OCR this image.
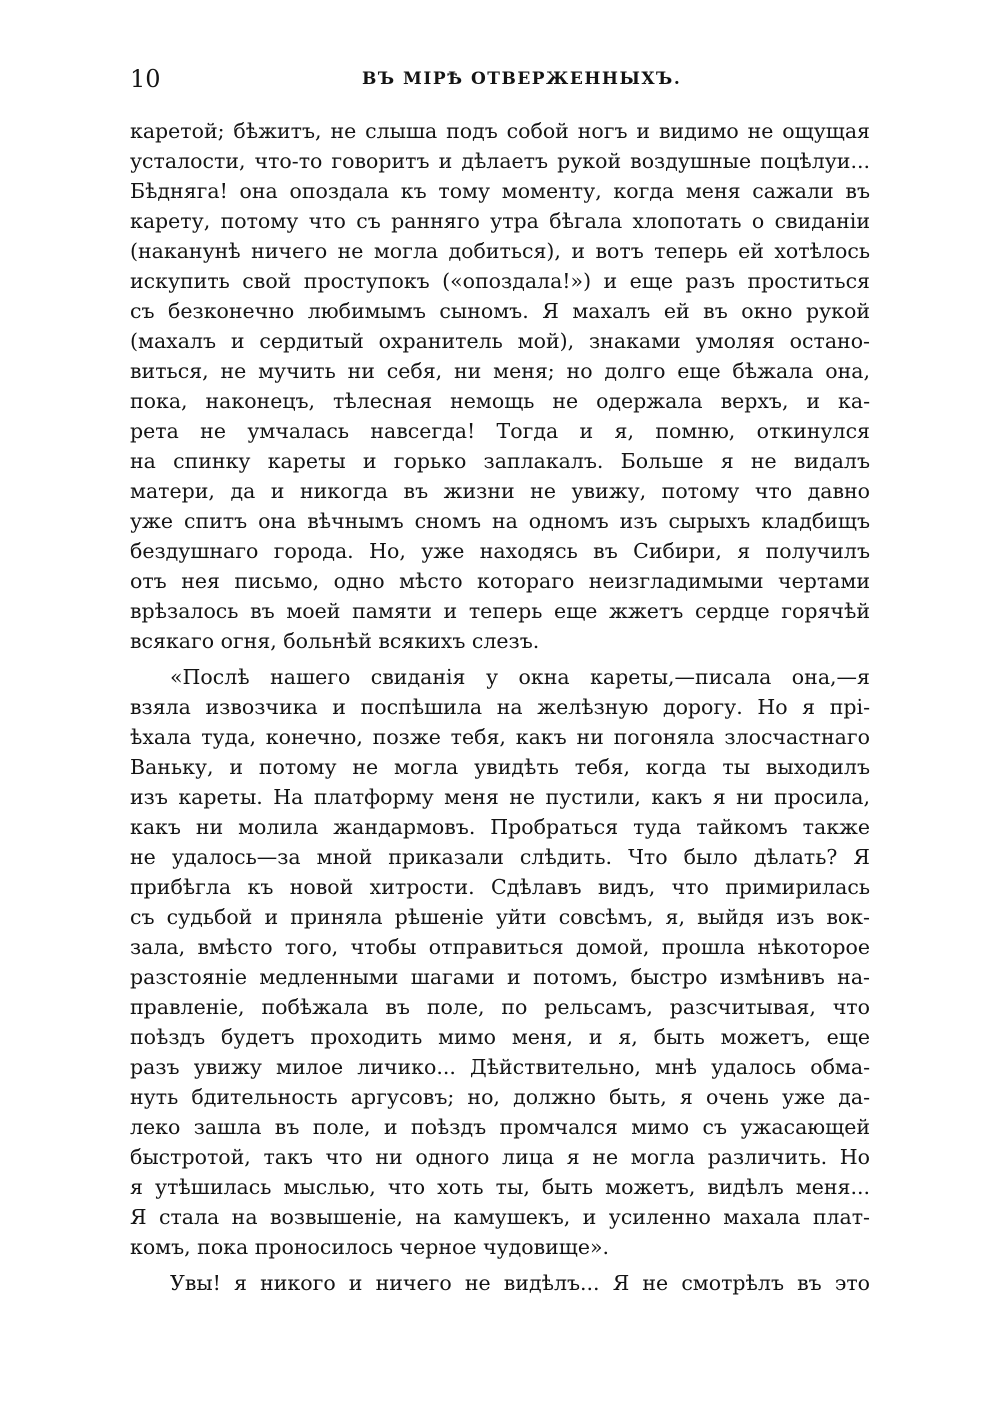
10	ВЪ МІРѢ ОТВЕРЖЕННЫХЪ.
каретой; бѣжитъ, не слыша подъ собой ногъ и видимо не ощущая
усталости, что-то говоритъ и дѣлаетъ рукой воздушные поцѣлуи...
Бѣдняга! она опоздала къ тому моменту, когда меня сажали въ
карету, потому что съ ранняго утра бѣгала хлопотать о свиданіи
(наканунѣ ничего не могла добиться), и вотъ теперь ей хотѣлось
искупить свой проступокъ («опоздала!») и еще разъ проститься
съ безконечно любимымъ сыномъ. Я махалъ ей въ окно рукой
(махалъ и сердитый охранитель мой), знаками умоляя остано-
виться, не мучить ни себя, ни меня; но долго еще бѣжала она,
пока, наконецъ, тѣлесная немощь не одержала верхъ, и ка-
рета не умчалась навсегда! Тогда и я, помню, откинулся
на спинку кареты и горько заплакалъ. Больше я не видалъ
матери, да и никогда въ жизни не увижу, потому что давно
уже спитъ она вѣчнымъ сномъ на одномъ изъ сырыхъ кладбищъ
бездушнаго города. Но, уже находясь въ Сибири, я получилъ
отъ нея письмо, одно мѣсто котораго неизгладимыми чертами
врѣзалось въ моей памяти и теперь еще жжетъ сердце горячѣй
всякаго огня, больнѣй всякихъ слезъ.
«Послѣ нашего свиданія у окна кареты,—писала она,—я
взяла извозчика и поспѣшила на желѣзную дорогу. Но я прі-
ѣхала туда, конечно, позже тебя, какъ ни погоняла злосчастнаго
Ваньку, и потому не могла увидѣть тебя, когда ты выходилъ
изъ кареты. На платформу меня не пустили, какъ я ни просила,
какъ ни молила жандармовъ. Пробраться туда тайкомъ также
не удалось—за мной приказали слѣдить. Что было дѣлать? Я
прибѣгла къ новой хитрости. Сдѣлавъ видъ, что примирилась
съ судьбой и приняла рѣшеніе уйти совсѣмъ, я, выйдя изъ вок-
зала, вмѣсто того, чтобы отправиться домой, прошла нѣкоторое
разстояніе медленными шагами и потомъ, быстро измѣнивъ на-
правленіе, побѣжала въ поле, по рельсамъ, разсчитывая, что
поѣздъ будетъ проходить мимо меня, и я, быть можетъ, еще
разъ увижу милое личико... Дѣйствительно, мнѣ удалось обма-
нуть бдительность аргусовъ; но, должно быть, я очень уже да-
леко зашла въ поле, и поѣздъ промчался мимо съ ужасающей
быстротой, такъ что ни одного лица я не могла различить. Но
я утѣшилась мыслью, что хоть ты, быть можетъ, видѣлъ меня...
Я стала на возвышеніе, на камушекъ, и усиленно махала плат-
комъ, пока проносилось черное чудовище».
Увы! я никого и ничего не видѣлъ... Я не смотрѣлъ въ это
